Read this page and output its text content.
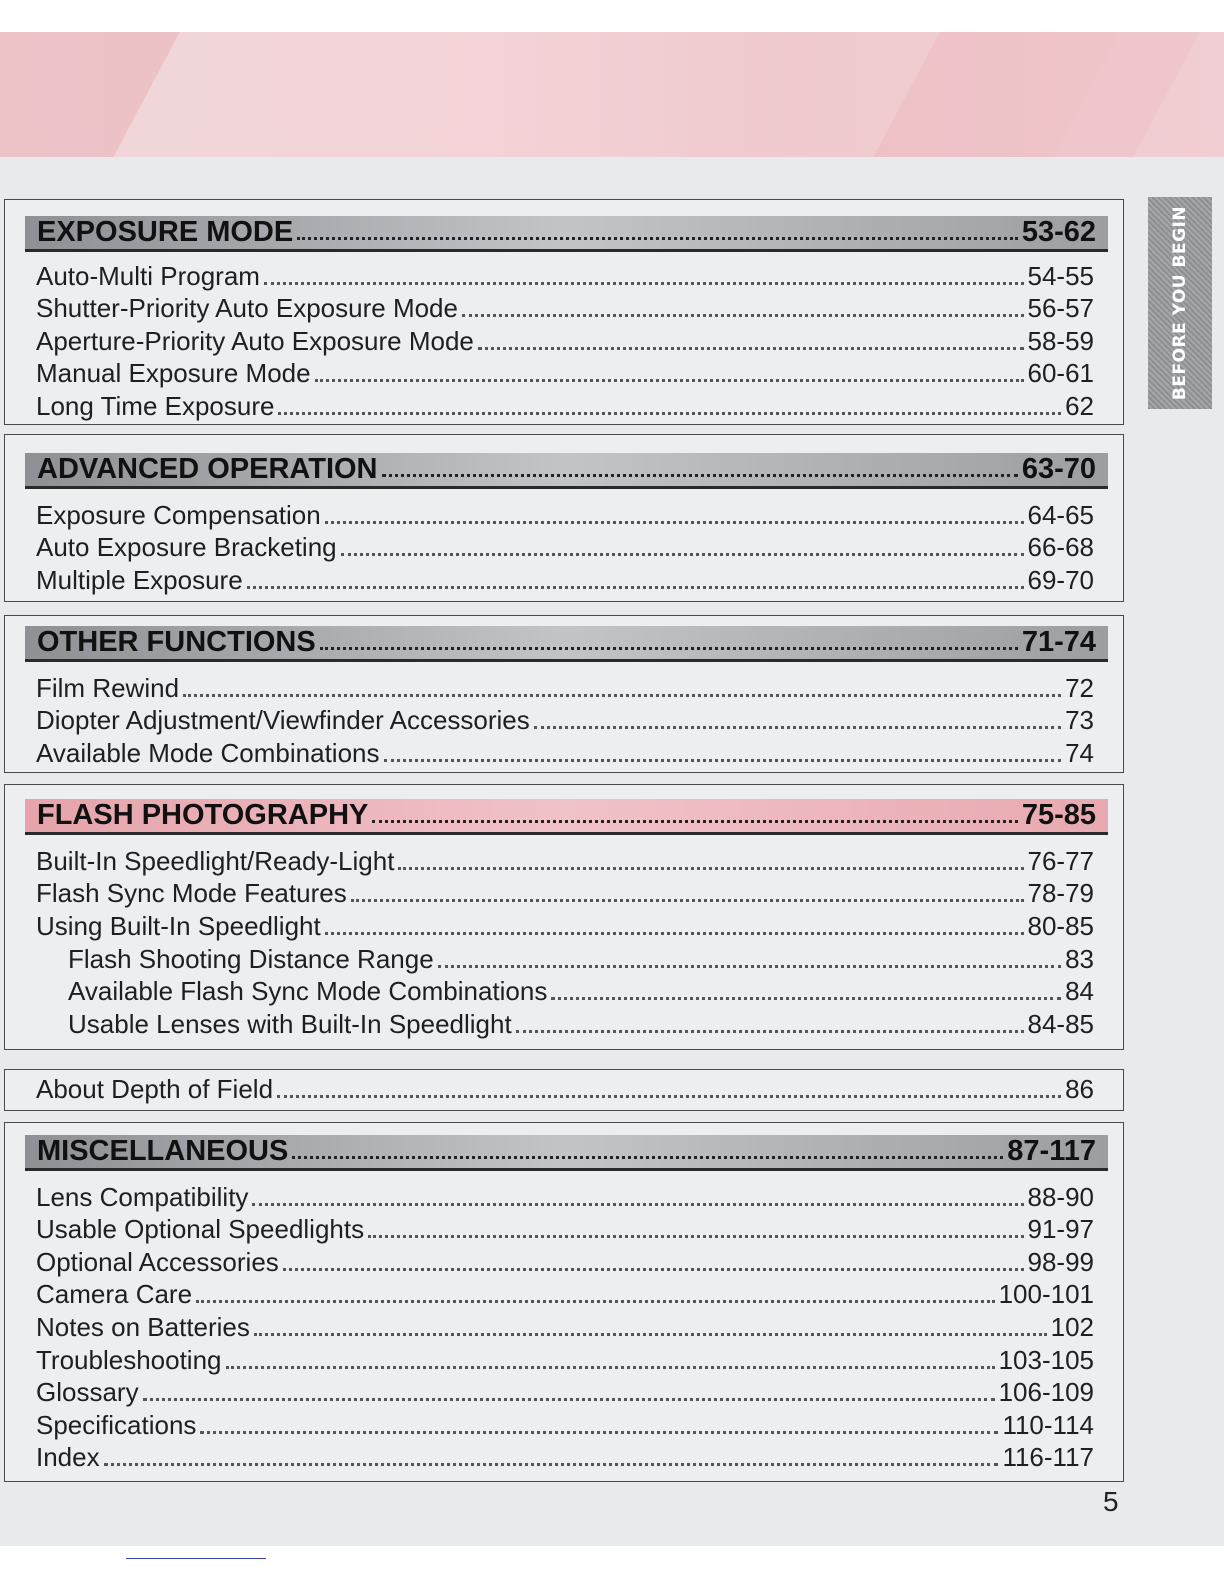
BEFORE YOU BEGIN
EXPOSURE MODE	53-62
Auto-Multi Program	54-55
Shutter-Priority Auto Exposure Mode	56-57
Aperture-Priority Auto Exposure Mode	58-59
Manual Exposure Mode	60-61
Long Time Exposure	62
ADVANCED OPERATION	63-70
Exposure Compensation	64-65
Auto Exposure Bracketing	66-68
Multiple Exposure	69-70
OTHER FUNCTIONS	71-74
Film Rewind	72
Diopter Adjustment/Viewfinder Accessories	73
Available Mode Combinations	74
FLASH PHOTOGRAPHY	75-85
Built-In Speedlight/Ready-Light	76-77
Flash Sync Mode Features	78-79
Using Built-In Speedlight	80-85
Flash Shooting Distance Range	83
Available Flash Sync Mode Combinations	84
Usable Lenses with Built-In Speedlight	84-85
About Depth of Field	86
MISCELLANEOUS	87-117
Lens Compatibility	88-90
Usable Optional Speedlights	91-97
Optional Accessories	98-99
Camera Care	100-101
Notes on Batteries	102
Troubleshooting	103-105
Glossary	106-109
Specifications	110-114
Index	116-117
5
